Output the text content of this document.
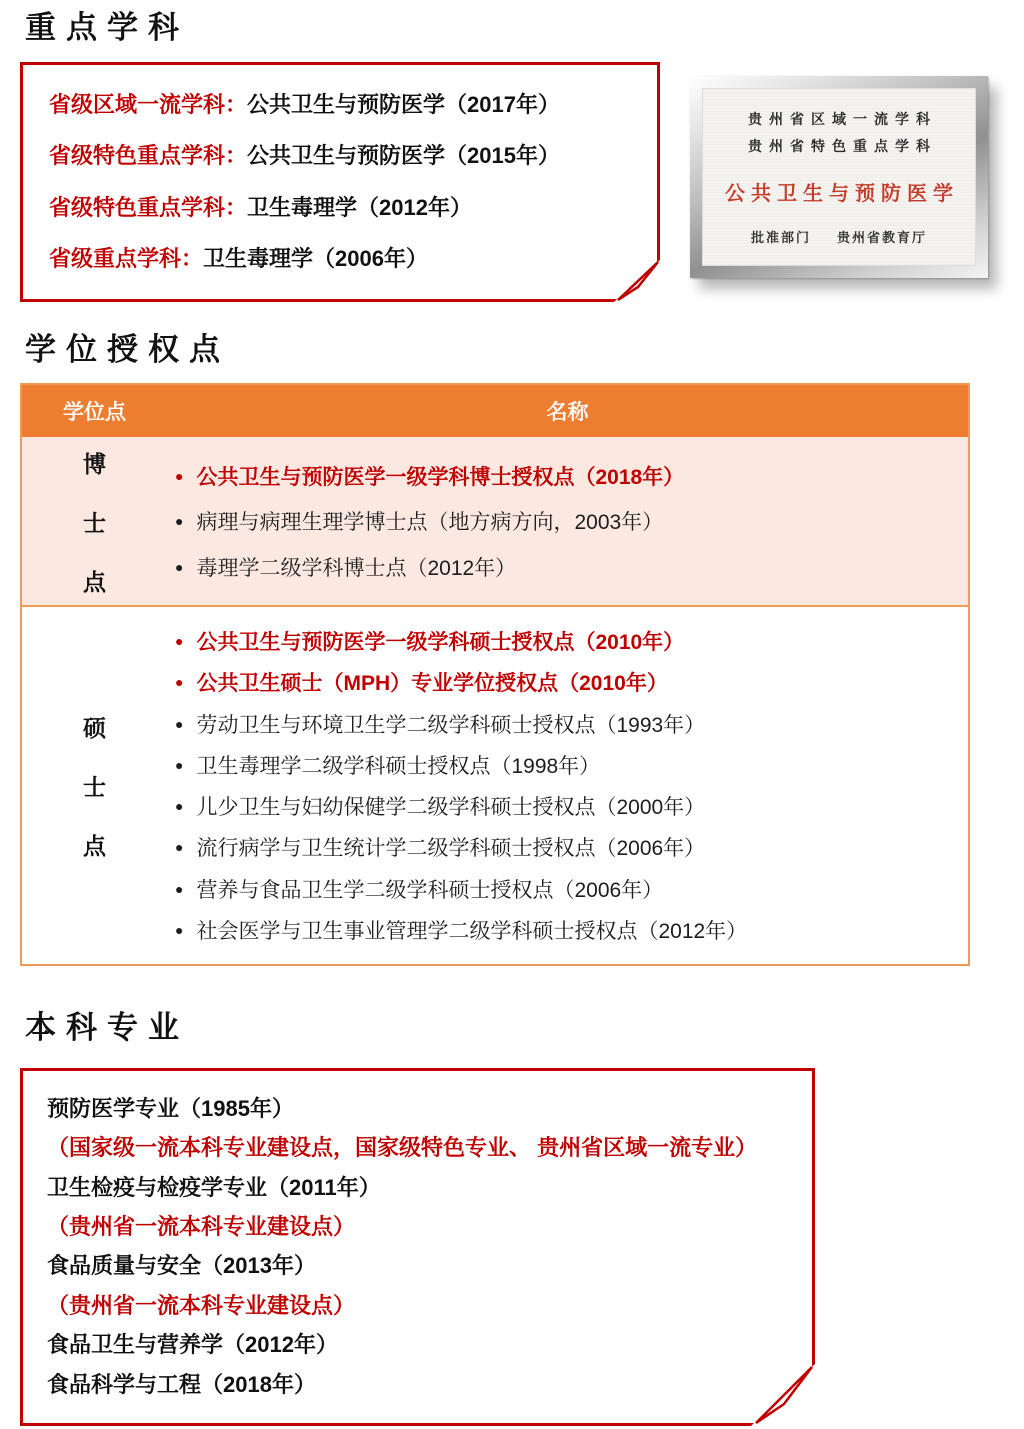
重点学科
省级区域一流学科：公共卫生与预防医学（2017年）
省级特色重点学科：公共卫生与预防医学（2015年）
省级特色重点学科：卫生毒理学（2012年）
省级重点学科：卫生毒理学（2006年）
贵州省区域一流学科
贵州省特色重点学科
公共卫生与预防医学
批准部门 贵州省教育厅
学位授权点
学位点	名称
博
士
点
● 公共卫生与预防医学一级学科博士授权点（2018年）
● 病理与病理生理学博士点（地方病方向，2003年）
● 毒理学二级学科博士点（2012年）
硕
士
点
● 公共卫生与预防医学一级学科硕士授权点（2010年）
● 公共卫生硕士（MPH）专业学位授权点（2010年）
● 劳动卫生与环境卫生学二级学科硕士授权点（1993年）
● 卫生毒理学二级学科硕士授权点（1998年）
● 儿少卫生与妇幼保健学二级学科硕士授权点（2000年）
● 流行病学与卫生统计学二级学科硕士授权点（2006年）
● 营养与食品卫生学二级学科硕士授权点（2006年）
● 社会医学与卫生事业管理学二级学科硕士授权点（2012年）
本科专业
预防医学专业（1985年）
（国家级一流本科专业建设点，国家级特色专业、 贵州省区域一流专业）
卫生检疫与检疫学专业（2011年）
（贵州省一流本科专业建设点）
食品质量与安全（2013年）
（贵州省一流本科专业建设点）
食品卫生与营养学（2012年）
食品科学与工程（2018年）
